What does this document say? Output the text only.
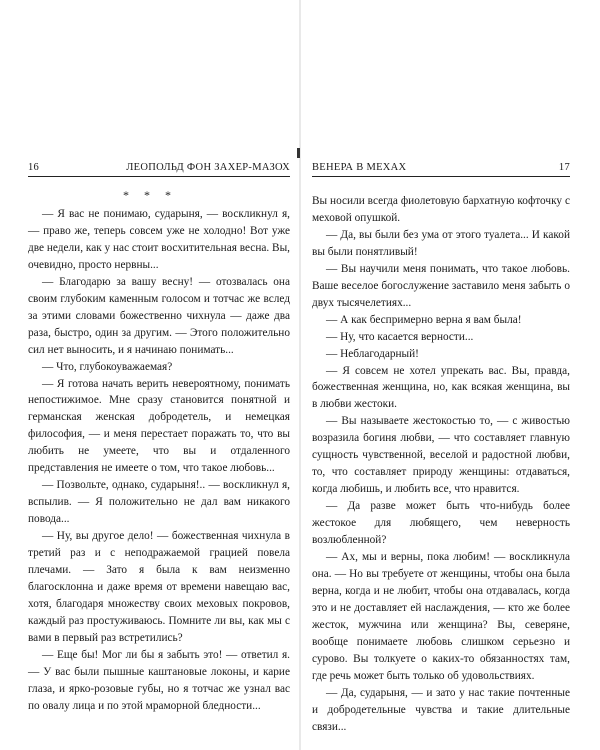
16	ЛЕОПОЛЬД ФОН ЗАХЕР-МАЗОХ
* * *

— Я вас не понимаю, сударыня, — воскликнул я, — право же, теперь совсем уже не холодно! Вот уже две недели, как у нас стоит восхитительная весна. Вы, очевидно, просто нервны...

— Благодарю за вашу весну! — отозвалась она своим глубоким каменным голосом и тотчас же вслед за этими словами божественно чихнула — даже два раза, быстро, один за другим. — Этого положительно сил нет выносить, и я начинаю понимать...

— Что, глубокоуважаемая?

— Я готова начать верить невероятному, понимать непостижимое. Мне сразу становится понятной и германская женская добродетель, и немецкая философия, — и меня перестает поражать то, что вы любить не умеете, что вы и отдаленного представления не имеете о том, что такое любовь...

— Позвольте, однако, сударыня!.. — воскликнул я, вспылив. — Я положительно не дал вам никакого повода...

— Ну, вы другое дело! — божественная чихнула в третий раз и с неподражаемой грацией повела плечами. — Зато я была к вам неизменно благосклонна и даже время от времени навещаю вас, хотя, благодаря множеству своих меховых покровов, каждый раз простуживаюсь. Помните ли вы, как мы с вами в первый раз встретились?

— Еще бы! Мог ли бы я забыть это! — ответил я. — У вас были пышные каштановые локоны, и карие глаза, и ярко-розовые губы, но я тотчас же узнал вас по овалу лица и по этой мраморной бледности...

ВЕНЕРА В МЕХАХ	17

Вы носили всегда фиолетовую бархатную кофточку с меховой опушкой.

— Да, вы были без ума от этого туалета... И какой вы были понятливый!

— Вы научили меня понимать, что такое любовь. Ваше веселое богослужение заставило меня забыть о двух тысячелетиях...

— А как беспримерно верна я вам была!

— Ну, что касается верности...

— Неблагодарный!

— Я совсем не хотел упрекать вас. Вы, правда, божественная женщина, но, как всякая женщина, вы в любви жестоки.

— Вы называете жестокостью то, — с живостью возразила богиня любви, — что составляет главную сущность чувственной, веселой и радостной любви, то, что составляет природу женщины: отдаваться, когда любишь, и любить все, что нравится.

— Да разве может быть что-нибудь более жестокое для любящего, чем неверность возлюбленной?

— Ах, мы и верны, пока любим! — воскликнула она. — Но вы требуете от женщины, чтобы она была верна, когда и не любит, чтобы она отдавалась, когда это и не доставляет ей наслаждения, — кто же более жесток, мужчина или женщина? Вы, северяне, вообще понимаете любовь слишком серьезно и сурово. Вы толкуете о каких-то обязанностях там, где речь может быть только об удовольствиях.

— Да, сударыня, — и зато у нас такие почтенные и добродетельные чувства и такие длительные связи...
